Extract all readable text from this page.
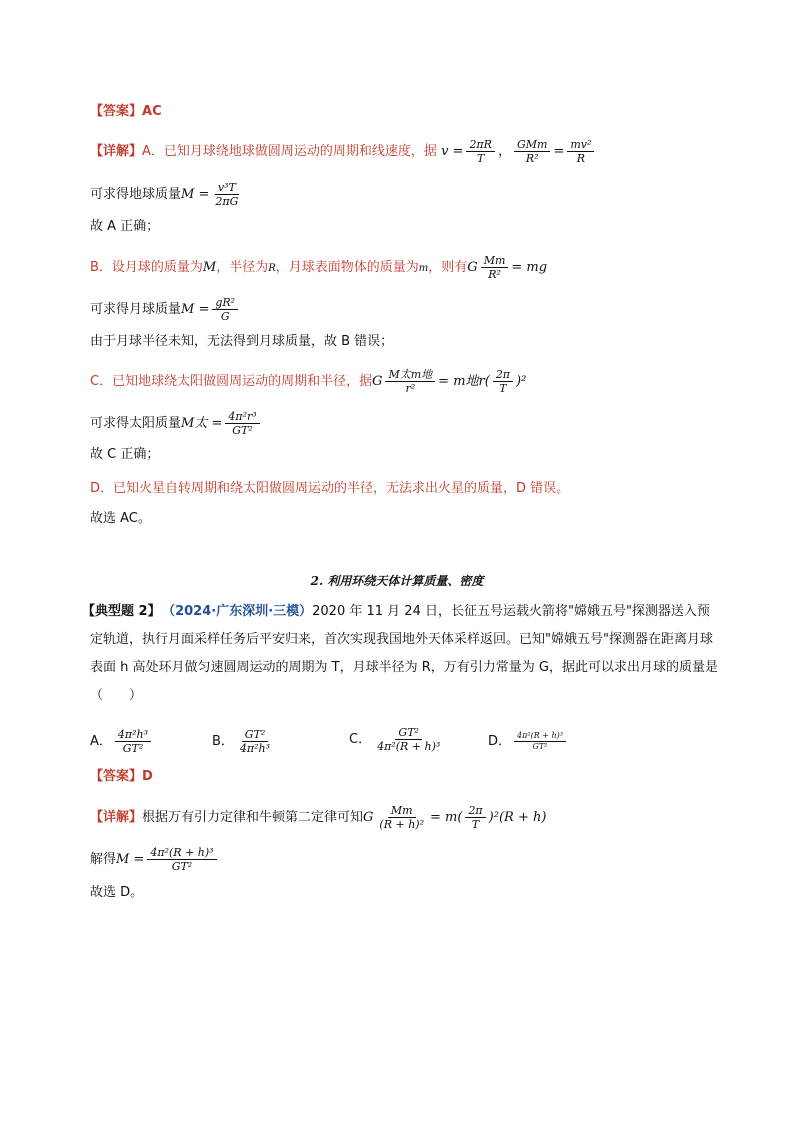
【答案】AC
【详解】A．已知月球绕地球做圆周运动的周期和线速度，据 $v = \frac{2\pi R}{T}$ ， $\frac{\text{GMm}}{\text{R²}} = \frac{\text{mv²}}{R}$
可求得地球质量$M = \frac{\text{v³T}}{2\pi G}$
故 A 正确；
B．设月球的质量为M，半径为R，月球表面物体的质量为m，则有G $\frac{Mm}{\text{R²}}$ = mg
可求得月球质量$M = \frac{\text{gR²}}{G}$
由于月球半径未知，无法得到月球质量，故 B 错误；
C．已知地球绕太阳做圆周运动的周期和半径，据G $\frac{\text{M太m地}}{\text{r²}} = m$地$r( \frac{2\pi}{T} )^2$
可求得太阳质量M太 = $\frac{\text{4π²r³}}{\text{GT²}}$
故 C 正确；
D．已知火星自转周期和绕太阳做圆周运动的半径，无法求出火星的质量，D 错误。
故选 AC。
2. 利用环绕天体计算质量、密度
【典型题 2】 （2024·广东深圳·三模）2020 年 11 月 24 日，长征五号运载火箭将"嫦娥五号"探测器送入预定轨道，执行月面采样任务后平安归来，首次实现我国地外天体采样返回。已知"嫦娥五号"探测器在距离月球表面 h 高处环月做匀速圆周运动的周期为 T，月球半径为 R，万有引力常量为 G，据此可以求出月球的质量是（　　）
A． $\frac{\text{4π²h³}}{\text{GT²}}$	B． $\frac{\text{GT²}}{\text{4π²h³}}$	C． $\frac{\text{GT²}}{\text{4π²(R + h)³}}$	D． $\frac{\text{4π²(R + h)³}}{\text{GT²}}$
【答案】D
【详解】根据万有引力定律和牛顿第二定律可知G $\frac{Mm}{\text{(R + h)²}} = m( \frac{2\pi}{T} )^2(R + h)$
解得$M = \frac{\text{4π²(R + h)³}}{\text{GT²}}$
故选 D。
